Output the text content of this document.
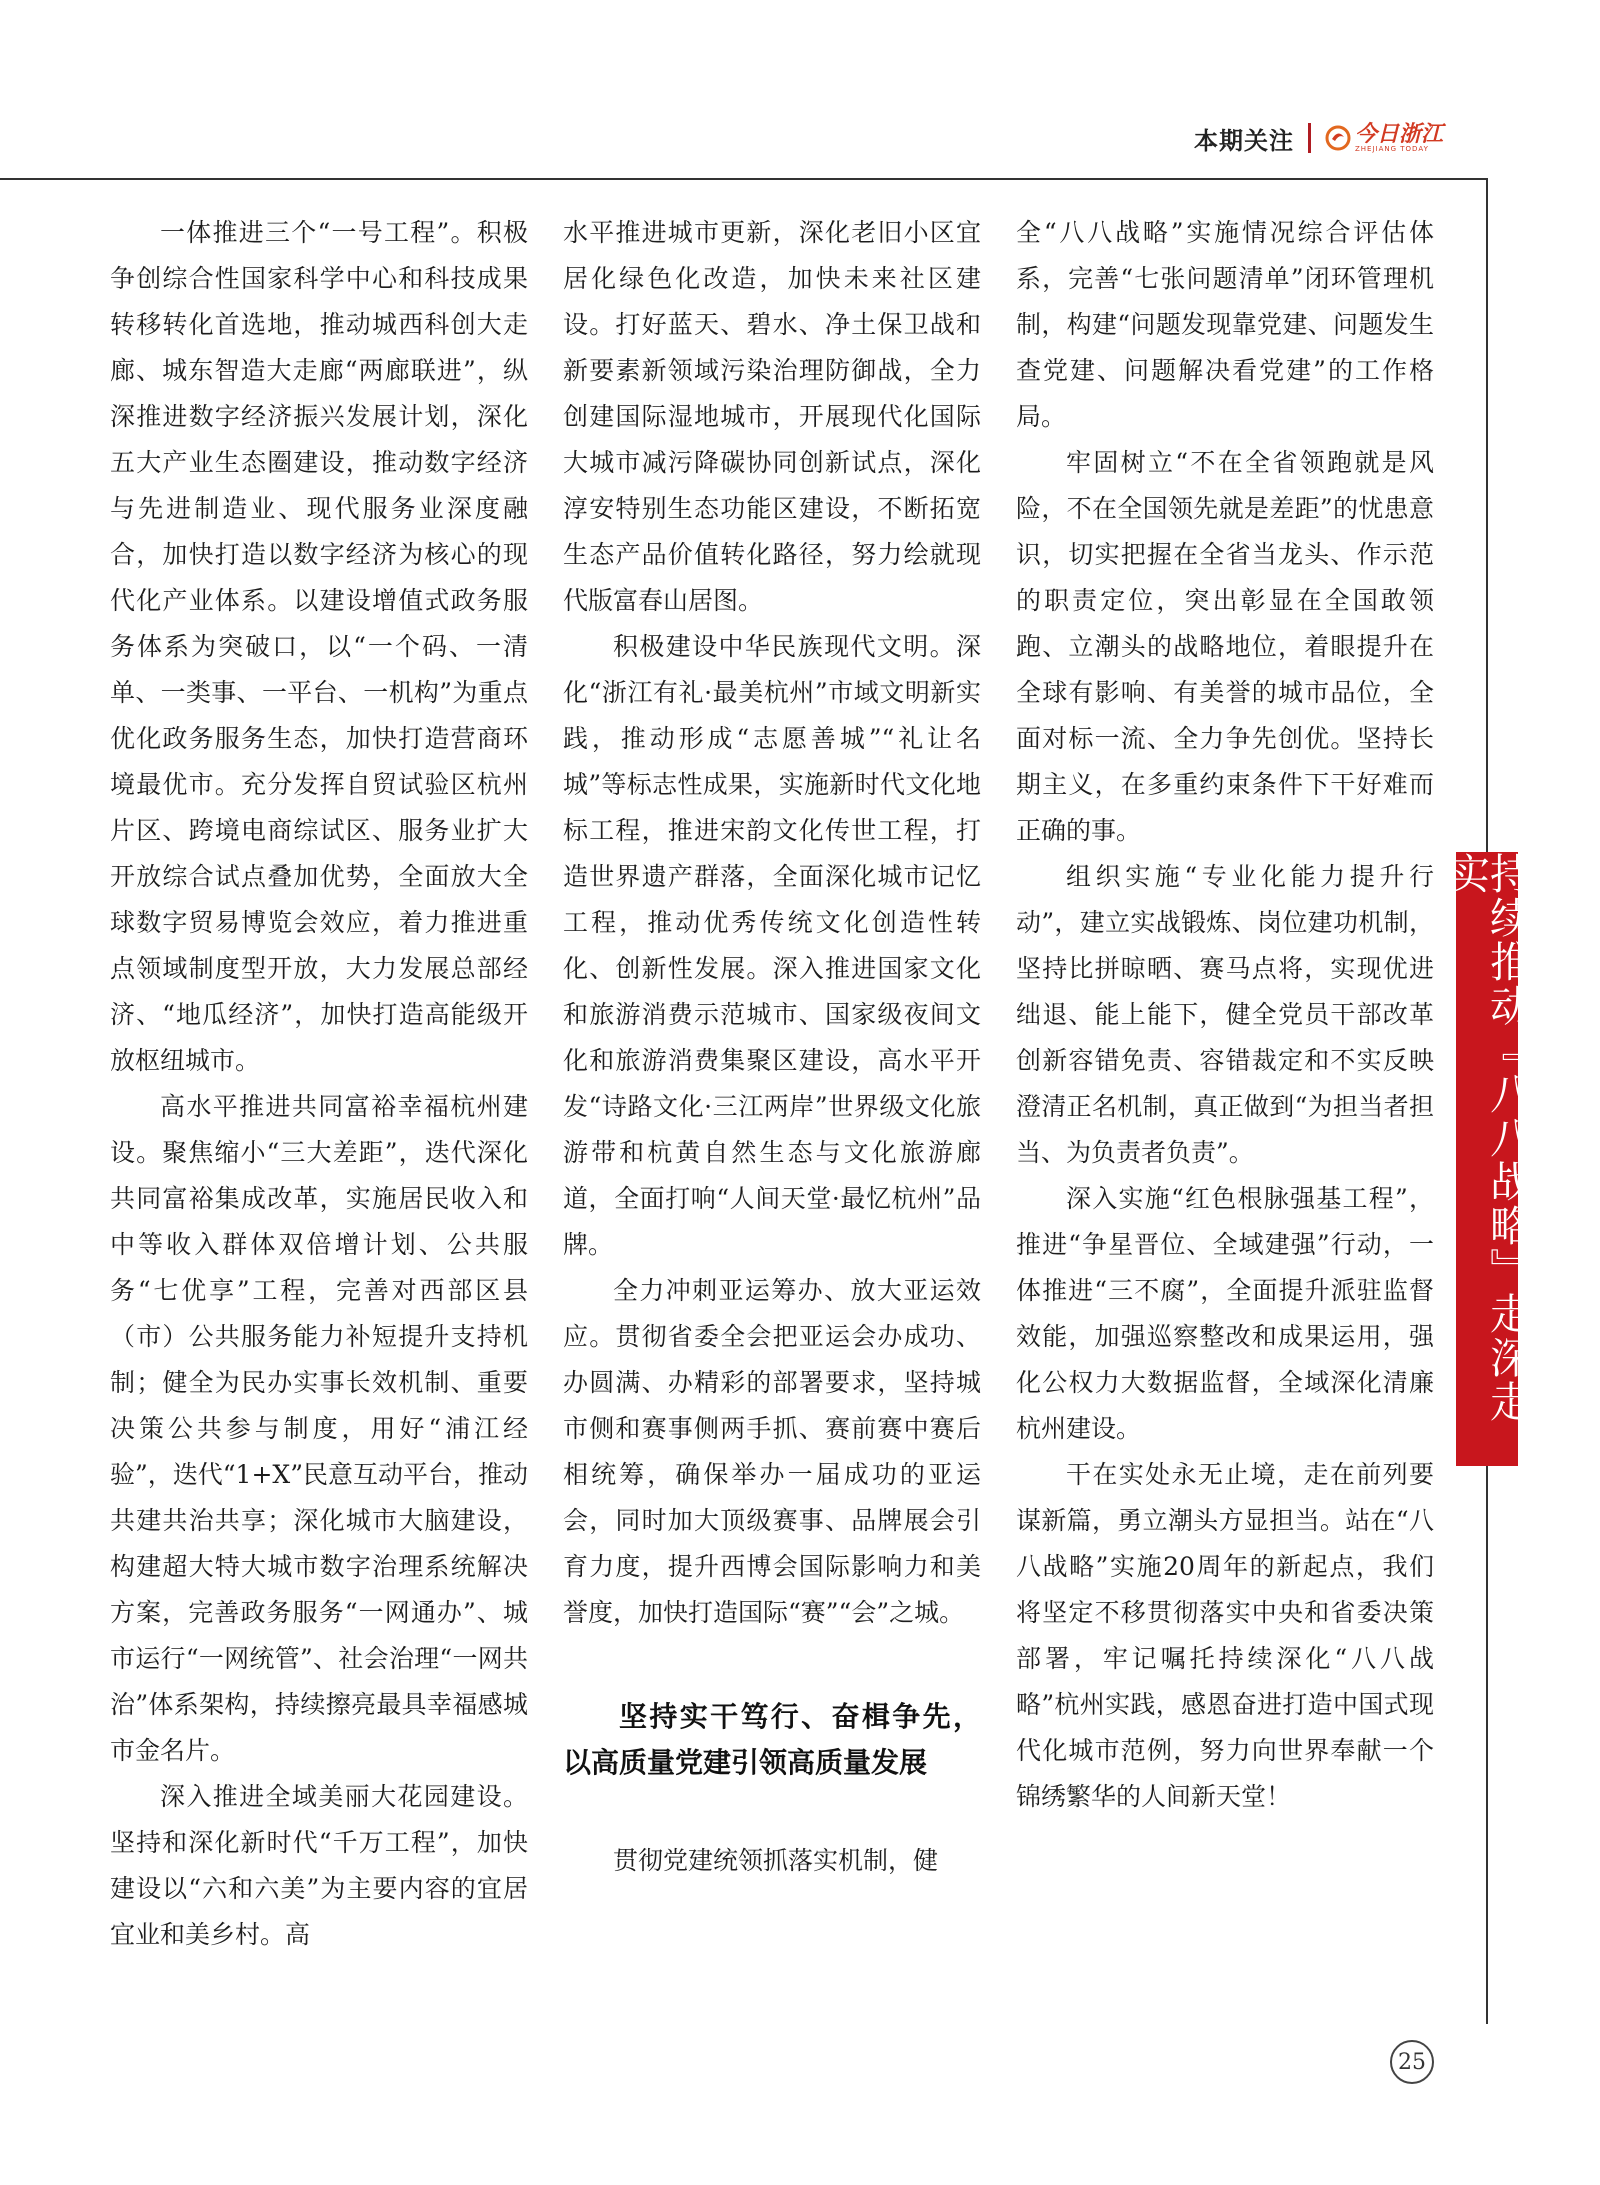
本期关注	今日浙江
ZHEJIANG TODAY

一体推进三个“一号工程”。积极争创综合性国家科学中心和科技成果转移转化首选地，推动城西科创大走廊、城东智造大走廊“两廊联进”，纵深推进数字经济振兴发展计划，深化五大产业生态圈建设，推动数字经济与先进制造业、现代服务业深度融合，加快打造以数字经济为核心的现代化产业体系。以建设增值式政务服务体系为突破口，以“一个码、一清单、一类事、一平台、一机构”为重点优化政务服务生态，加快打造营商环境最优市。充分发挥自贸试验区杭州片区、跨境电商综试区、服务业扩大开放综合试点叠加优势，全面放大全球数字贸易博览会效应，着力推进重点领域制度型开放，大力发展总部经济、“地瓜经济”，加快打造高能级开放枢纽城市。

高水平推进共同富裕幸福杭州建设。聚焦缩小“三大差距”，迭代深化共同富裕集成改革，实施居民收入和中等收入群体双倍增计划、公共服务“七优享”工程，完善对西部区县（市）公共服务能力补短提升支持机制；健全为民办实事长效机制、重要决策公共参与制度，用好“浦江经验”，迭代“1+X”民意互动平台，推动共建共治共享；深化城市大脑建设，构建超大特大城市数字治理系统解决方案，完善政务服务“一网通办”、城市运行“一网统管”、社会治理“一网共治”体系架构，持续擦亮最具幸福感城市金名片。

深入推进全域美丽大花园建设。坚持和深化新时代“千万工程”，加快建设以“六和六美”为主要内容的宜居宜业和美乡村。高

水平推进城市更新，深化老旧小区宜居化绿色化改造，加快未来社区建设。打好蓝天、碧水、净土保卫战和新要素新领域污染治理防御战，全力创建国际湿地城市，开展现代化国际大城市减污降碳协同创新试点，深化淳安特别生态功能区建设，不断拓宽生态产品价值转化路径，努力绘就现代版富春山居图。

积极建设中华民族现代文明。深化“浙江有礼·最美杭州”市域文明新实践，推动形成“志愿善城”“礼让名城”等标志性成果，实施新时代文化地标工程，推进宋韵文化传世工程，打造世界遗产群落，全面深化城市记忆工程，推动优秀传统文化创造性转化、创新性发展。深入推进国家文化和旅游消费示范城市、国家级夜间文化和旅游消费集聚区建设，高水平开发“诗路文化·三江两岸”世界级文化旅游带和杭黄自然生态与文化旅游廊道，全面打响“人间天堂·最忆杭州”品牌。

全力冲刺亚运筹办、放大亚运效应。贯彻省委全会把亚运会办成功、办圆满、办精彩的部署要求，坚持城市侧和赛事侧两手抓、赛前赛中赛后相统筹，确保举办一届成功的亚运会，同时加大顶级赛事、品牌展会引育力度，提升西博会国际影响力和美誉度，加快打造国际“赛”“会”之城。

坚持实干笃行、奋楫争先，以高质量党建引领高质量发展

贯彻党建统领抓落实机制，健

全“八八战略”实施情况综合评估体系，完善“七张问题清单”闭环管理机制，构建“问题发现靠党建、问题发生查党建、问题解决看党建”的工作格局。

牢固树立“不在全省领跑就是风险，不在全国领先就是差距”的忧患意识，切实把握在全省当龙头、作示范的职责定位，突出彰显在全国敢领跑、立潮头的战略地位，着眼提升在全球有影响、有美誉的城市品位，全面对标一流、全力争先创优。坚持长期主义，在多重约束条件下干好难而正确的事。

组织实施“专业化能力提升行动”，建立实战锻炼、岗位建功机制，坚持比拼晾晒、赛马点将，实现优进绌退、能上能下，健全党员干部改革创新容错免责、容错裁定和不实反映澄清正名机制，真正做到“为担当者担当、为负责者负责”。

深入实施“红色根脉强基工程”，推进“争星晋位、全域建强”行动，一体推进“三不腐”，全面提升派驻监督效能，加强巡察整改和成果运用，强化公权力大数据监督，全域深化清廉杭州建设。

干在实处永无止境，走在前列要谋新篇，勇立潮头方显担当。站在“八八战略”实施20周年的新起点，我们将坚定不移贯彻落实中央和省委决策部署，牢记嘱托持续深化“八八战略”杭州实践，感恩奋进打造中国式现代化城市范例，努力向世界奉献一个锦绣繁华的人间新天堂！

持续推动『八八战略』走深走实
25
